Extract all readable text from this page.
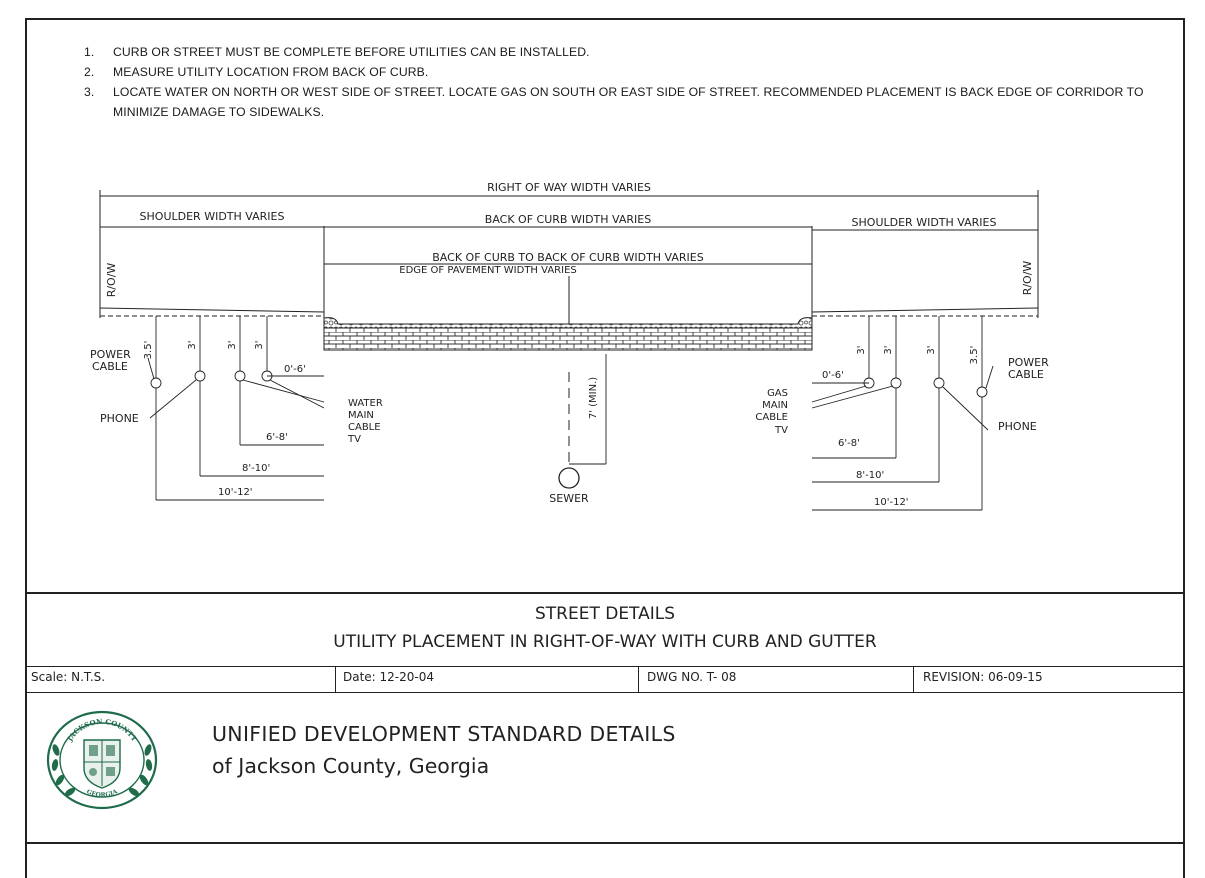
1. CURB OR STREET MUST BE COMPLETE BEFORE UTILITIES CAN BE INSTALLED.
2. MEASURE UTILITY LOCATION FROM BACK OF CURB.
3. LOCATE WATER ON NORTH OR WEST SIDE OF STREET. LOCATE GAS ON SOUTH OR EAST SIDE OF STREET. RECOMMENDED PLACEMENT IS BACK EDGE OF CORRIDOR TO MINIMIZE DAMAGE TO SIDEWALKS.
RIGHT OF WAY WIDTH VARIES
SHOULDER WIDTH VARIES	BACK OF CURB WIDTH VARIES	SHOULDER WIDTH VARIES
BACK OF CURB TO BACK OF CURB WIDTH VARIES
EDGE OF PAVEMENT WIDTH VARIES
R/O/W	R/O/W
POWER
CABLE
PHONE
POWER
CABLE
PHONE
WATER
MAIN
CABLE
TV
GAS
MAIN
CABLE
TV
SEWER
7' (MIN.)
3.5'	3'	3' 3'
3' 3'	3'	3.5'
0'-6'
6'-8'
8'-10'
10'-12'
0'-6'
6'-8'
8'-10'
10'-12'
STREET DETAILS
UTILITY PLACEMENT IN RIGHT-OF-WAY WITH CURB AND GUTTER
Scale: N.T.S.	Date: 12-20-04	DWG NO. T- 08	REVISION: 06-09-15
JACKSON COUNTY
GEORGIA
UNIFIED DEVELOPMENT STANDARD DETAILS
of Jackson County, Georgia
